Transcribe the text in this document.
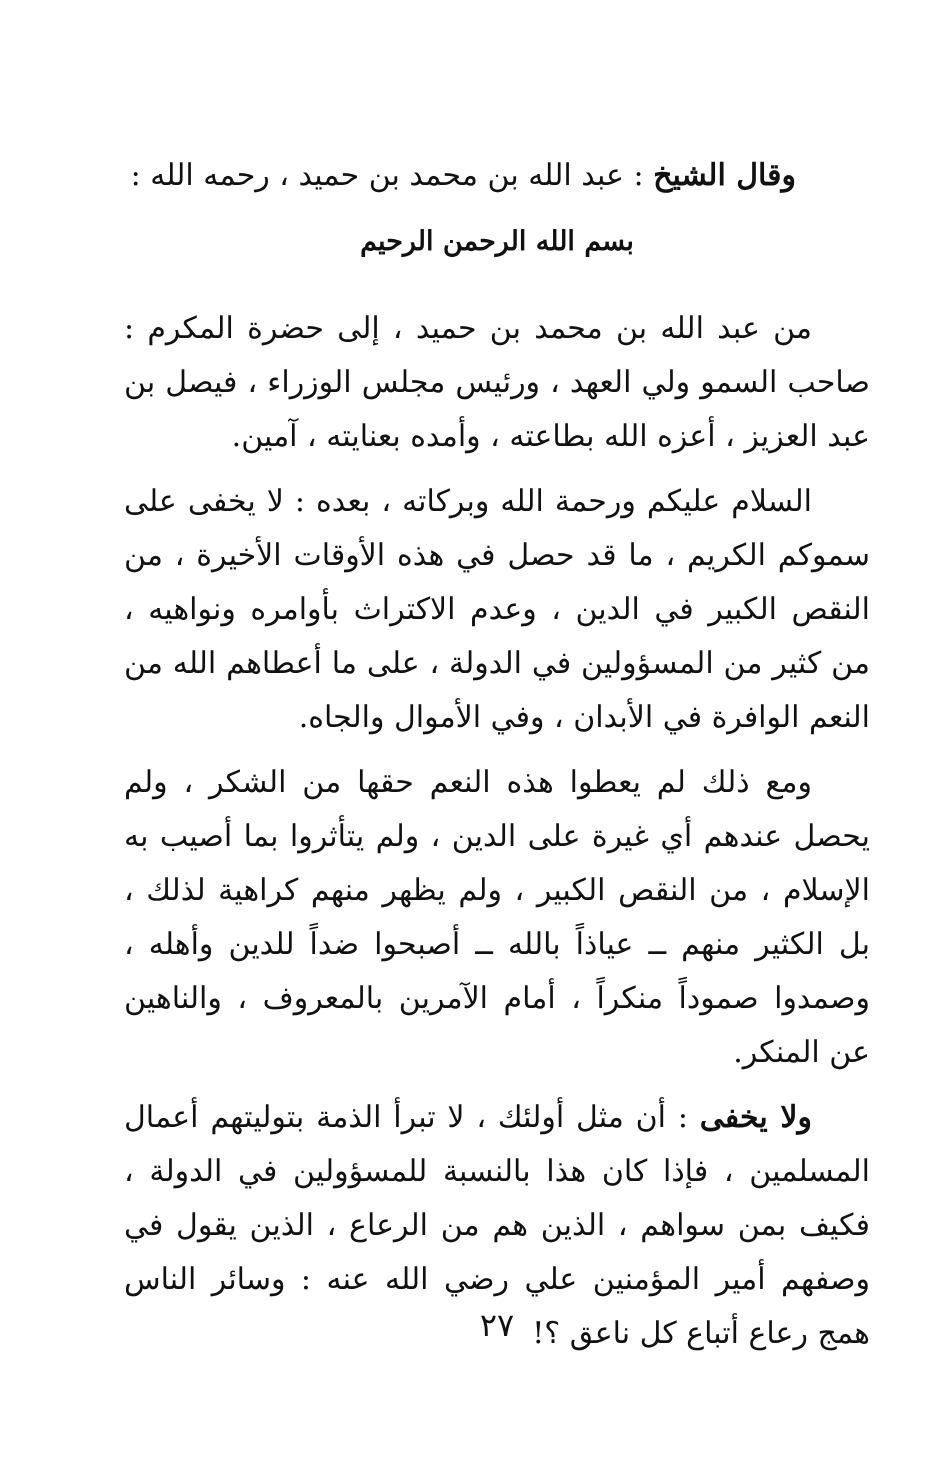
وقال الشيخ : عبد الله بن محمد بن حميد ، رحمه الله :
بسم الله الرحمن الرحيم

من عبد الله بن محمد بن حميد ، إلى حضرة المكرم : صاحب السمو ولي العهد ، ورئيس مجلس الوزراء ، فيصل بن عبد العزيز ، أعزه الله بطاعته ، وأمده بعنايته ، آمين.

السلام عليكم ورحمة الله وبركاته ، بعده : لا يخفى على سموكم الكريم ، ما قد حصل في هذه الأوقات الأخيرة ، من النقص الكبير في الدين ، وعدم الاكتراث بأوامره ونواهيه ، من كثير من المسؤولين في الدولة ، على ما أعطاهم الله من النعم الوافرة في الأبدان ، وفي الأموال والجاه.

ومع ذلك لم يعطوا هذه النعم حقها من الشكر ، ولم يحصل عندهم أي غيرة على الدين ، ولم يتأثروا بما أصيب به الإسلام ، من النقص الكبير ، ولم يظهر منهم كراهية لذلك ، بل الكثير منهم ــ عياذاً بالله ــ أصبحوا ضداً للدين وأهله ، وصمدوا صموداً منكراً ، أمام الآمرين بالمعروف ، والناهين عن المنكر.

ولا يخفى : أن مثل أولئك ، لا تبرأ الذمة بتوليتهم أعمال المسلمين ، فإذا كان هذا بالنسبة للمسؤولين في الدولة ، فكيف بمن سواهم ، الذين هم من الرعاع ، الذين يقول في وصفهم أمير المؤمنين علي رضي الله عنه : وسائر الناس همج رعاع أتباع كل ناعق ؟!

٢٧
